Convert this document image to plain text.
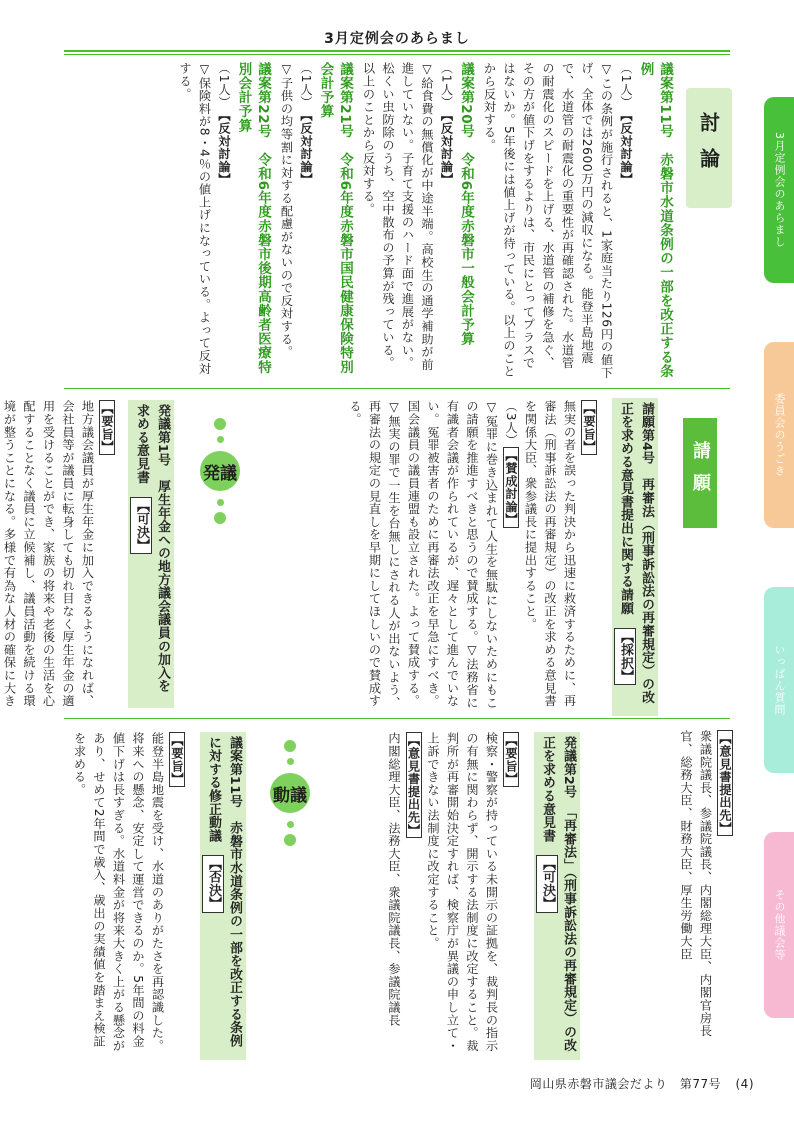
3月定例会のあらまし
3月定例会のあらまし
委員会のうごき
いっぱん質問
その他議会等
討論

議案第11号　赤磐市水道条例の一部を改正する条例

【反対討論】
（1人）

▽この条例が施行されると、1家庭当たり126円の値下げ、全体では2600万円の減収になる。能登半島地震で、水道管の耐震化の重要性が再確認された。水道管の耐震化のスピードを上げる、水道管の補修を急ぐ、その方が値下げをするよりは、市民にとってプラスではないか。5年後には値上げが待っている。以上のことから反対する。

議案第20号　令和6年度赤磐市一般会計予算

【反対討論】
（1人）

▽給食費の無償化が中途半端。高校生の通学補助が前進していない。子育て支援のハード面で進展がない。松くい虫防除のうち、空中散布の予算が残っている。以上のことから反対する。

議案第21号　令和6年度赤磐市国民健康保険特別会計予算

【反対討論】
（1人）

▽子供の均等割に対する配慮がないので反対する。

議案第22号　令和6年度赤磐市後期高齢者医療特別会計予算

【反対討論】
（1人）

▽保険料が8・4％の値上げになっている。よって反対する。

請願
請願第4号　再審法（刑事訴訟法の再審規定）の改正を求める意見書提出に関する請願 【採択】

【要旨】

無実の者を誤った判決から迅速に救済するために、再審法（刑事訴訟法の再審規定）の改正を求める意見書を関係大臣、衆参議長に提出すること。

【賛成討論】
（3人）

▽冤罪に巻き込まれて人生を無駄にしないためにもこの請願を推進すべきと思うので賛成する。▽法務省に有識者会議が作られているが、遅々として進んでいない。冤罪被害者のために再審法改正を早急にすべき。国会議員の議員連盟も設立された。よって賛成する。▽無実の罪で一生を台無しにされる人が出ないよう、再審法の規定の見直しを早期にしてほしいので賛成する。

発議
発議第1号　厚生年金への地方議会議員の加入を求める意見書 【可決】

【要旨】

地方議会議員が厚生年金に加入できるようになれば、会社員等が議員に転身しても切れ目なく厚生年金の適用を受けることができ、家族の将来や老後の生活を心配することなく議員に立候補し、議員活動を続ける環境が整うことになる。多様で有為な人材の確保に大き

【意見書提出先】

衆議院議長、参議院議長、内閣総理大臣、内閣官房長官、総務大臣、財務大臣、厚生労働大臣

発議第2号　「再審法」（刑事訴訟法の再審規定）の改正を求める意見書 【可決】

【要旨】

検察・警察が持っている未開示の証拠を、裁判長の指示の有無に関わらず、開示する法制度に改定すること。裁判所が再審開始決定すれば、検察庁が異議の申し立て・上訴できない法制度に改定すること。

【意見書提出先】

内閣総理大臣、法務大臣、衆議院議長、参議院議長

動議
議案第11号　赤磐市水道条例の一部を改正する条例に対する修正動議 【否決】

【要旨】

能登半島地震を受け、水道のありがたさを再認識した。将来への懸念、安定して運営できるのか。5年間の料金値下げは長すぎる。水道料金が将来大きく上がる懸念があり、せめて2年間で歳入、歳出の実績値を踏まえ検証を求める。

岡山県赤磐市議会だより　第77号 (4)
